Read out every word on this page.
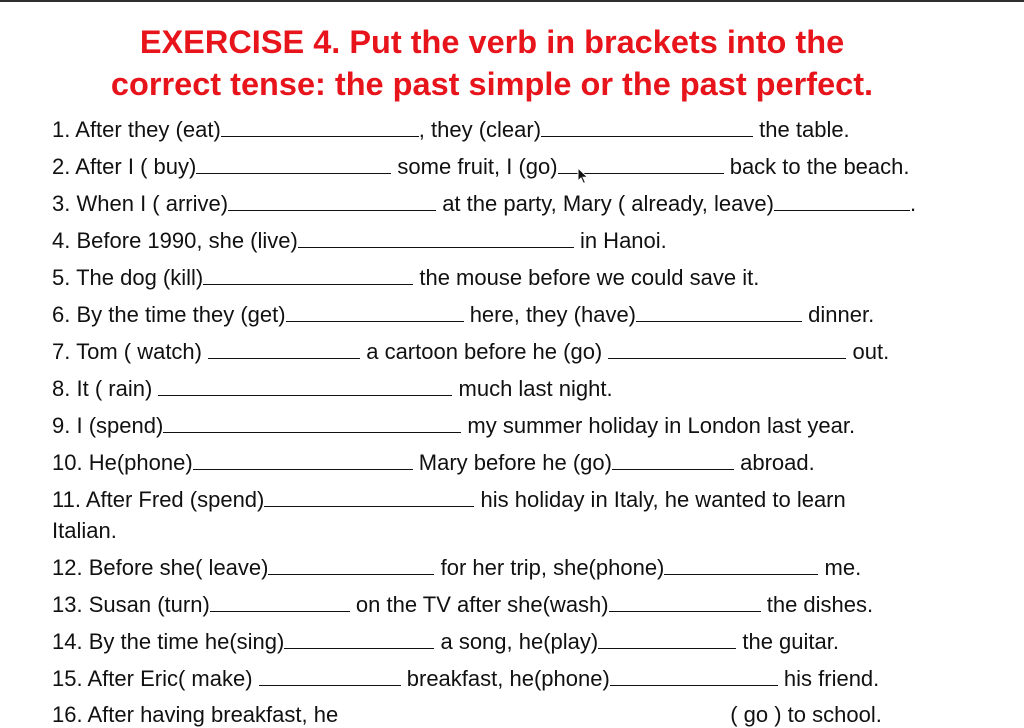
EXERCISE 4. Put the verb in brackets into the
correct tense: the past simple or the past perfect.
1. After they (eat)	, they (clear)	the table.
2. After I ( buy)	some fruit, I (go)	back to the beach.
3. When I ( arrive)	at the party, Mary ( already, leave)	.
4. Before 1990, she (live)	in Hanoi.
5. The dog (kill)	the mouse before we could save it.
6. By the time they (get)	here, they (have)	dinner.
7. Tom ( watch)	a cartoon before he (go)	out.
8. It ( rain)	much last night.
9. I (spend)	my summer holiday in London last year.
10. He(phone)	Mary before he (go)	abroad.
11. After Fred (spend)	his holiday in Italy, he wanted to learn
Italian.
12. Before she( leave)	for her trip, she(phone)	me.
13. Susan (turn)	on the TV after she(wash)	the dishes.
14. By the time he(sing)	a song, he(play)	the guitar.
15. After Eric( make)	breakfast, he(phone)	his friend.
16. After having breakfast, he	( go ) to school.
